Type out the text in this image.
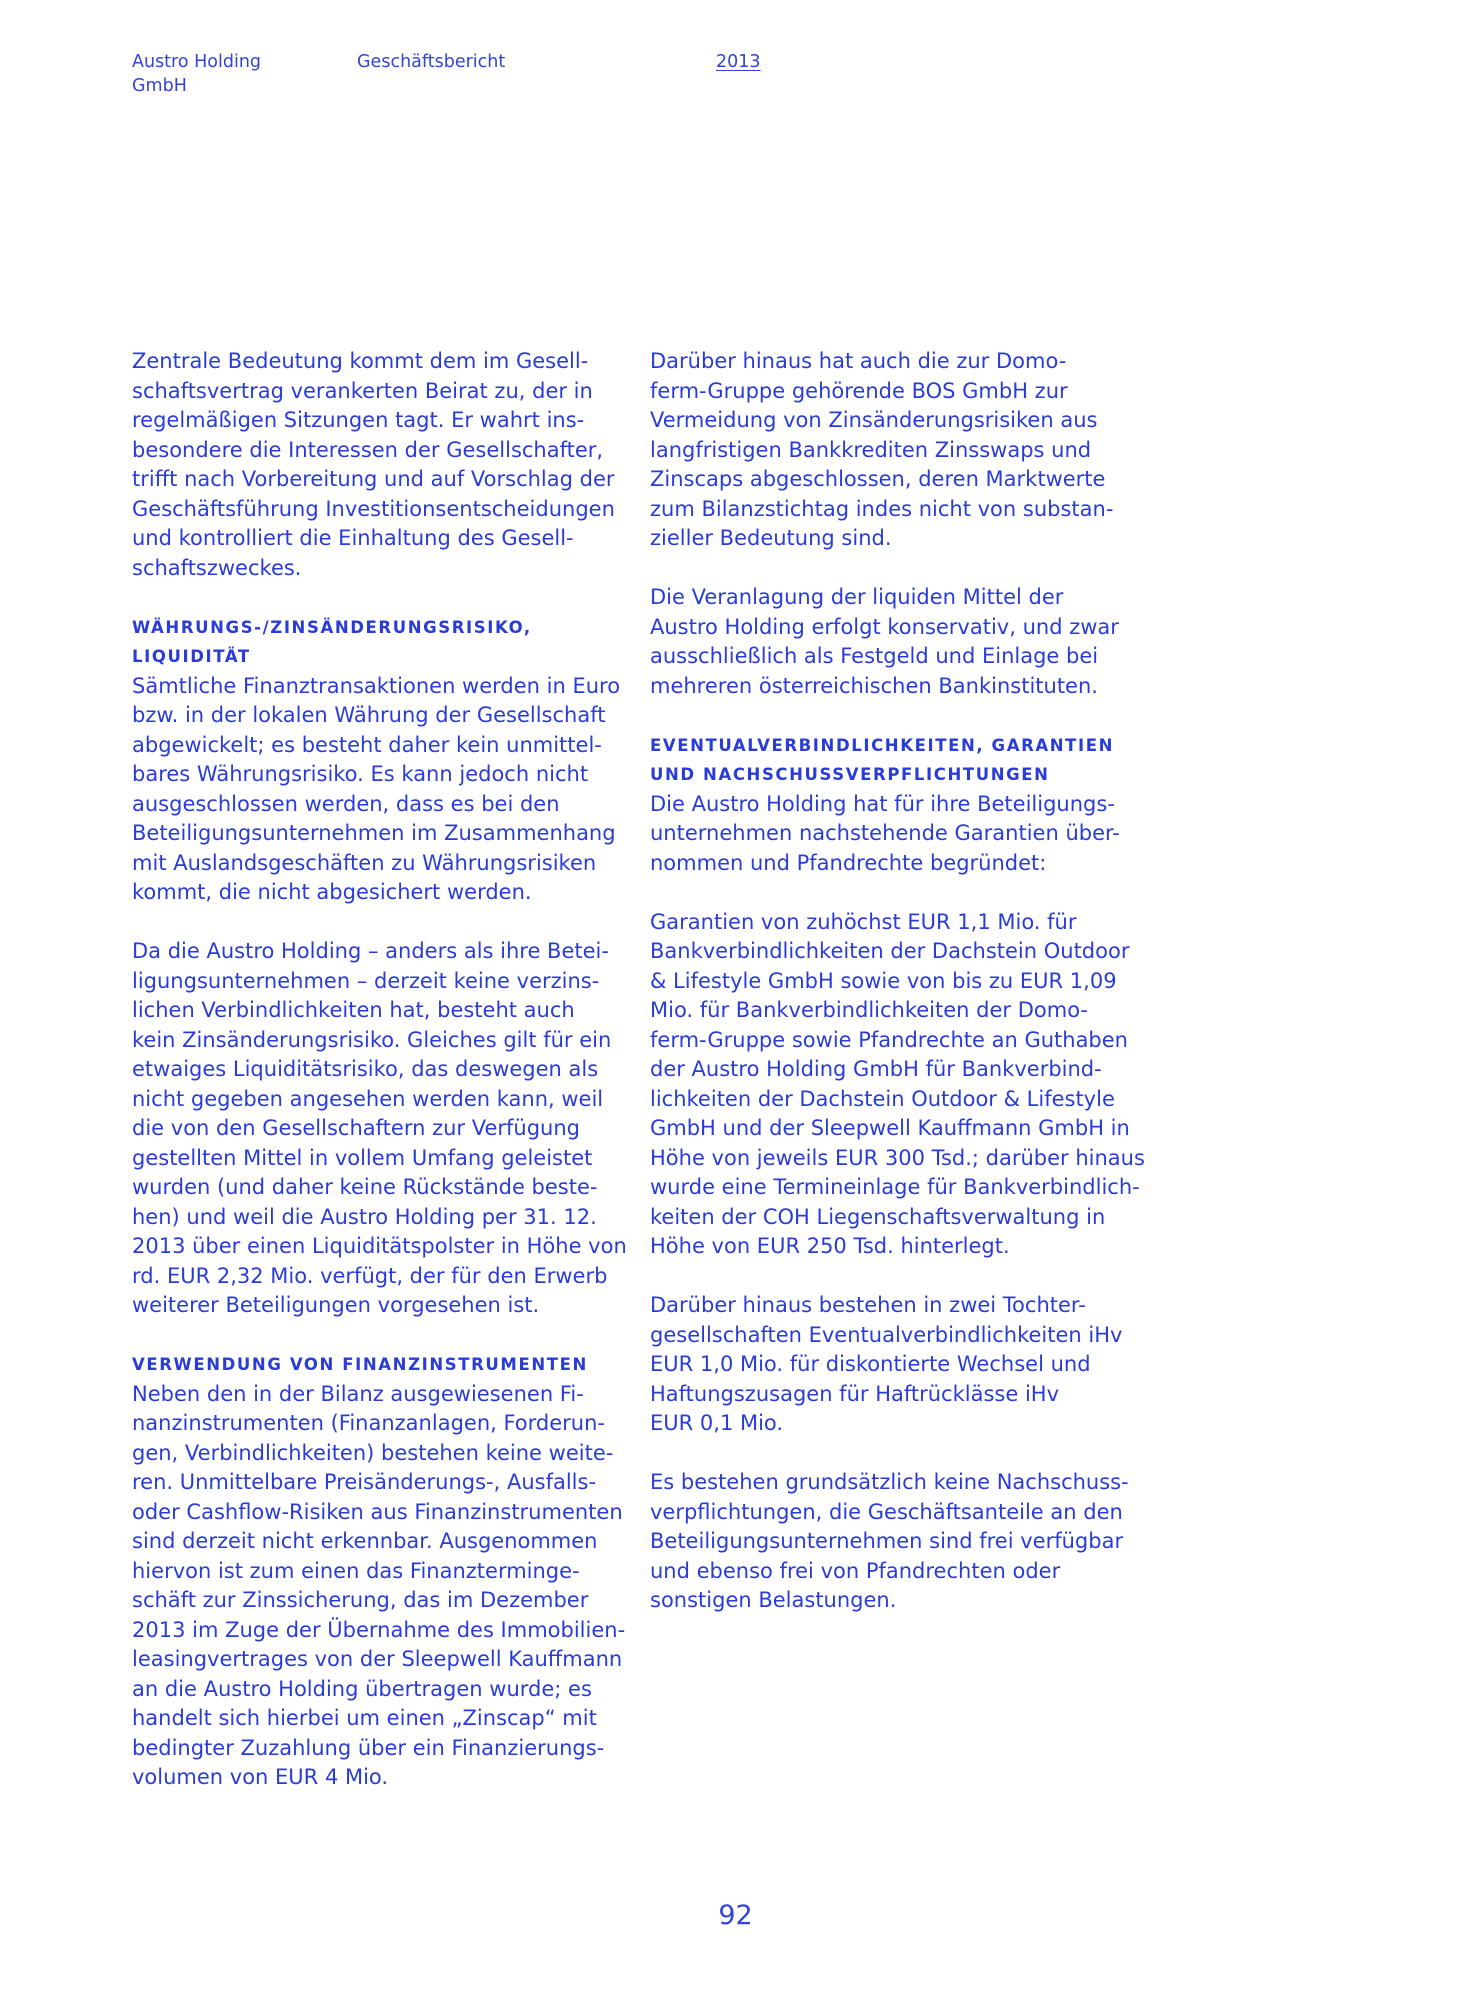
Austro Holding GmbH
Geschäftsbericht	2013
Zentrale Bedeutung kommt dem im Gesell-
schaftsvertrag verankerten Beirat zu, der in
regelmäßigen Sitzungen tagt. Er wahrt ins-
besondere die Interessen der Gesellschafter,
trifft nach Vorbereitung und auf Vorschlag der
Geschäftsführung Investitionsentscheidungen
und kontrolliert die Einhaltung des Gesell-
schaftszweckes.
WÄHRUNGS-/ZINSÄNDERUNGSRISIKO,
LIQUIDITÄT
Sämtliche Finanztransaktionen werden in Euro
bzw. in der lokalen Währung der Gesellschaft
abgewickelt; es besteht daher kein unmittel-
bares Währungsrisiko. Es kann jedoch nicht
ausgeschlossen werden, dass es bei den
Beteiligungsunternehmen im Zusammenhang
mit Auslandsgeschäften zu Währungsrisiken
kommt, die nicht abgesichert werden.
Da die Austro Holding – anders als ihre Betei-
ligungsunternehmen – derzeit keine verzins-
lichen Verbindlichkeiten hat, besteht auch
kein Zinsänderungsrisiko. Gleiches gilt für ein
etwaiges Liquiditätsrisiko, das deswegen als
nicht gegeben angesehen werden kann, weil
die von den Gesellschaftern zur Verfügung
gestellten Mittel in vollem Umfang geleistet
wurden (und daher keine Rückstände beste-
hen) und weil die Austro Holding per 31. 12.
2013 über einen Liquiditätspolster in Höhe von
rd. EUR 2,32 Mio. verfügt, der für den Erwerb
weiterer Beteiligungen vorgesehen ist.
VERWENDUNG VON FINANZINSTRUMENTEN
Neben den in der Bilanz ausgewiesenen Fi-
nanzinstrumenten (Finanzanlagen, Forderun-
gen, Verbindlichkeiten) bestehen keine weite-
ren. Unmittelbare Preisänderungs-, Ausfalls-
oder Cashflow-Risiken aus Finanzinstrumenten
sind derzeit nicht erkennbar. Ausgenommen
hiervon ist zum einen das Finanztermingе-
schäft zur Zinssicherung, das im Dezember
2013 im Zuge der Übernahme des Immobilien-
leasingvertrages von der Sleepwell Kauffmann
an die Austro Holding übertragen wurde; es
handelt sich hierbei um einen „Zinscap“ mit
bedingter Zuzahlung über ein Finanzierungs-
volumen von EUR 4 Mio.
Darüber hinaus hat auch die zur Domo-
ferm-Gruppe gehörende BOS GmbH zur
Vermeidung von Zinsänderungsrisiken aus
langfristigen Bankkrediten Zinsswaps und
Zinscaps abgeschlossen, deren Marktwerte
zum Bilanzstichtag indes nicht von substan-
zieller Bedeutung sind.
Die Veranlagung der liquiden Mittel der
Austro Holding erfolgt konservativ, und zwar
ausschließlich als Festgeld und Einlage bei
mehreren österreichischen Bankinstituten.
EVENTUALVERBINDLICHKEITEN, GARANTIEN
UND NACHSCHUSSVERPFLICHTUNGEN
Die Austro Holding hat für ihre Beteiligungs-
unternehmen nachstehende Garantien über-
nommen und Pfandrechte begründet:
Garantien von zuhöchst EUR 1,1 Mio. für
Bankverbindlichkeiten der Dachstein Outdoor
& Lifestyle GmbH sowie von bis zu EUR 1,09
Mio. für Bankverbindlichkeiten der Domo-
ferm-Gruppe sowie Pfandrechte an Guthaben
der Austro Holding GmbH für Bankverbind-
lichkeiten der Dachstein Outdoor & Lifestyle
GmbH und der Sleepwell Kauffmann GmbH in
Höhe von jeweils EUR 300 Tsd.; darüber hinaus
wurde eine Termineinlage für Bankverbindlich-
keiten der COH Liegenschaftsverwaltung in
Höhe von EUR 250 Tsd. hinterlegt.
Darüber hinaus bestehen in zwei Tochter-
gesellschaften Eventualverbindlichkeiten iHv
EUR 1,0 Mio. für diskontierte Wechsel und
Haftungszusagen für Haftrücklässe iHv
EUR 0,1 Mio.
Es bestehen grundsätzlich keine Nachschuss-
verpflichtungen, die Geschäftsanteile an den
Beteiligungsunternehmen sind frei verfügbar
und ebenso frei von Pfandrechten oder
sonstigen Belastungen.
92
